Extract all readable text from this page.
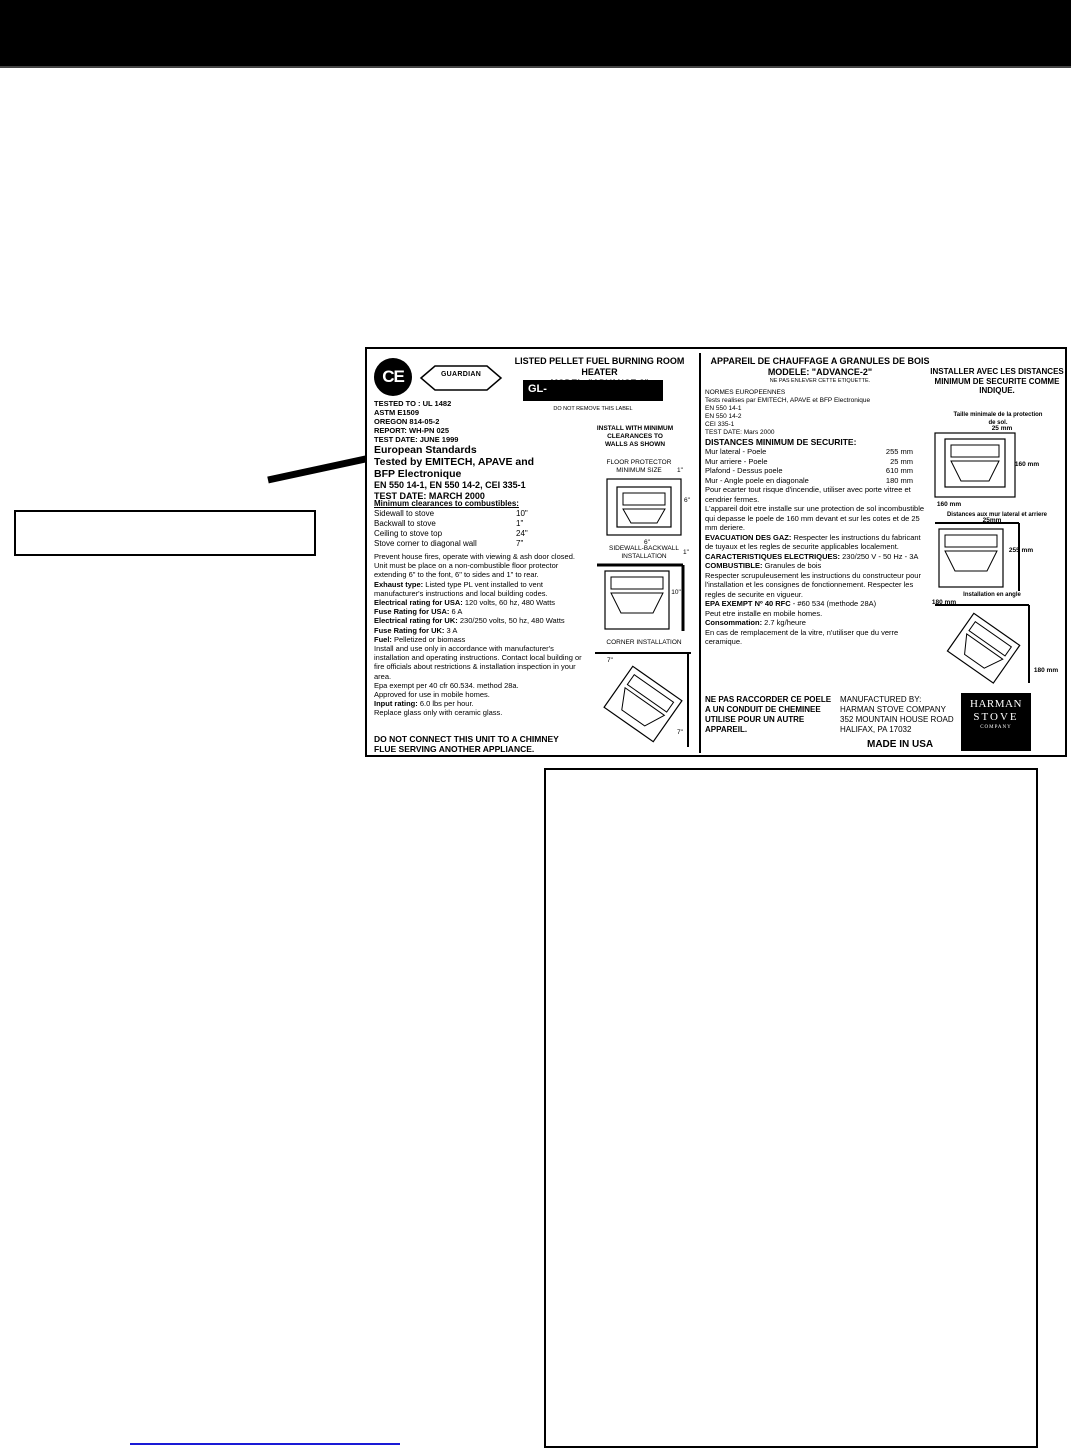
CE	GUARDIAN
LISTED PELLET FUEL BURNING ROOM HEATER
GL-
DO NOT REMOVE THIS LABEL
TESTED TO : UL 1482
ASTM E1509
OREGON 814-05-2
REPORT: WH-PN 025
TEST DATE: JUNE 1999
European Standards
Tested by EMITECH, APAVE and
BFP Electronique
EN 550 14-1, EN 550 14-2, CEI 335-1
TEST DATE: MARCH 2000
Minimum clearances to combustibles:
Sidewall to stove	10"
Backwall to stove	1"
Ceiling to stove top	24"
Stove corner to diagonal wall	7"
Prevent house fires, operate with viewing & ash door closed.
Unit must be place on a non-combustible floor protector extending 6" to the font, 6" to sides and 1" to rear.
Exhaust type: Listed type PL vent installed to vent manufacturer's instructions and local building codes.
Electrical rating for USA: 120 volts, 60 hz, 480 Watts
Fuse Rating for USA: 6 A
Electrical rating for UK: 230/250 volts, 50 hz, 480 Watts
Fuse Rating for UK: 3 A
Fuel: Pelletized or biomass
Install and use only in accordance with manufacturer's installation and operating instructions. Contact local building or fire officials about restrictions & installation inspection in your area.
Epa exempt per 40 cfr 60.534. method 28a.
Approved for use in mobile homes.
Input rating: 6.0 lbs per hour.
Replace glass only with ceramic glass.
DO NOT CONNECT THIS UNIT TO A CHIMNEY FLUE SERVING ANOTHER APPLIANCE.
INSTALL WITH MINIMUM CLEARANCES TO WALLS AS SHOWN
FLOOR PROTECTOR MINIMUM SIZE	1"
6"
6"
SIDEWALL-BACKWALL INSTALLATION
1"
10"
CORNER INSTALLATION
7"
7"
APPAREIL DE CHAUFFAGE A GRANULES DE BOIS
MODELE: "ADVANCE-2"
NE PAS ENLEVER CETTE ETIQUETTE.
INSTALLER AVEC LES DISTANCES MINIMUM DE SECURITE COMME INDIQUE.
NORMES EUROPEENNES
Tests realises par EMITECH, APAVE et BFP Electronique
EN 550 14-1
EN 550 14-2
CEI 335-1
TEST DATE: Mars 2000
DISTANCES MINIMUM DE SECURITE:
Mur lateral - Poele	255 mm
Mur arriere - Poele	25 mm
Plafond - Dessus poele	610 mm
Mur - Angle poele en diagonale	180 mm
Pour ecarter tout risque d'incendie, utiliser avec porte vitree et cendrier fermes.
L'appareil doit etre installe sur une protection de sol incombustible qui depasse le poele de 160 mm devant et sur les cotes et de 25 mm deriere.
EVACUATION DES GAZ: Respecter les instructions du fabricant de tuyaux et les regles de securite applicables localement.
CARACTERISTIQUES ELECTRIQUES: 230/250 V - 50 Hz - 3A
COMBUSTIBLE: Granules de bois
Respecter scrupuleusement les instructions du constructeur pour l'installation et les consignes de fonctionnement. Respecter les regles de securite en vigueur.
EPA EXEMPT Nº 40 RFC - #60 534 (methode 28A)
Peut etre installe en mobile homes.
Consommation: 2.7 kg/heure
En cas de remplacement de la vitre, n'utiliser que du verre ceramique.
NE PAS RACCORDER CE POELE A UN CONDUIT DE CHEMINEE UTILISE POUR UN AUTRE APPAREIL.
MANUFACTURED BY:
HARMAN STOVE COMPANY
352 MOUNTAIN HOUSE ROAD
HALIFAX, PA 17032
MADE IN USA
HARMAN
STOVE
COMPANY
Taille minimale de la protection de sol.
25 mm
160 mm
160 mm
Distances aux mur lateral et arriere
25mm
255 mm
Installation en angle
180 mm
180 mm
